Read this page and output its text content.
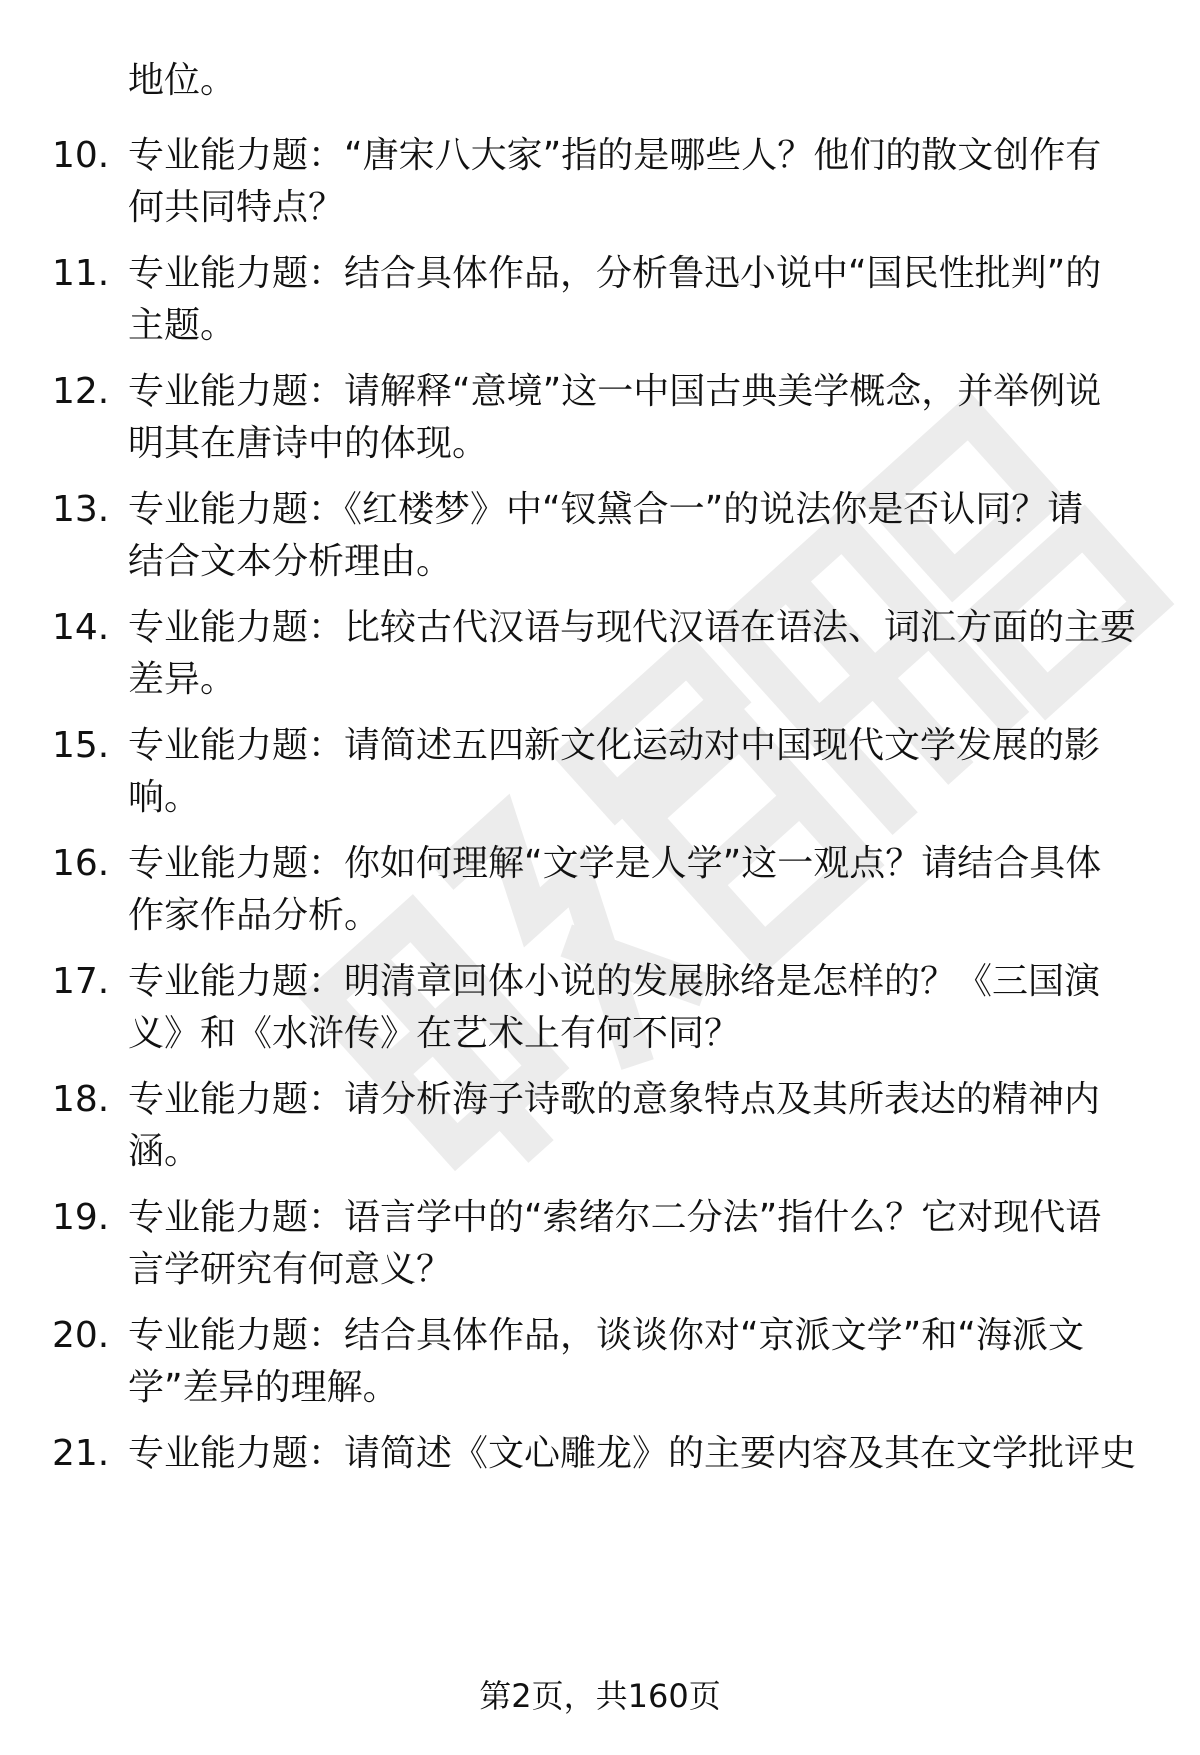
地位。
10. 专业能力题：“唐宋八大家”指的是哪些人？他们的散文创作有
何共同特点？
11. 专业能力题：结合具体作品，分析鲁迅小说中“国民性批判”的
主题。
12. 专业能力题：请解释“意境”这一中国古典美学概念，并举例说
明其在唐诗中的体现。
13. 专业能力题：《红楼梦》中“钗黛合一”的说法你是否认同？请
结合文本分析理由。
14. 专业能力题：比较古代汉语与现代汉语在语法、词汇方面的主要
差异。
15. 专业能力题：请简述五四新文化运动对中国现代文学发展的影
响。
16. 专业能力题：你如何理解“文学是人学”这一观点？请结合具体
作家作品分析。
17. 专业能力题：明清章回体小说的发展脉络是怎样的？《三国演
义》和《水浒传》在艺术上有何不同？
18. 专业能力题：请分析海子诗歌的意象特点及其所表达的精神内
涵。
19. 专业能力题：语言学中的“索绪尔二分法”指什么？它对现代语
言学研究有何意义？
20. 专业能力题：结合具体作品，谈谈你对“京派文学”和“海派文
学”差异的理解。
21. 专业能力题：请简述《文心雕龙》的主要内容及其在文学批评史
第2页，共160页
